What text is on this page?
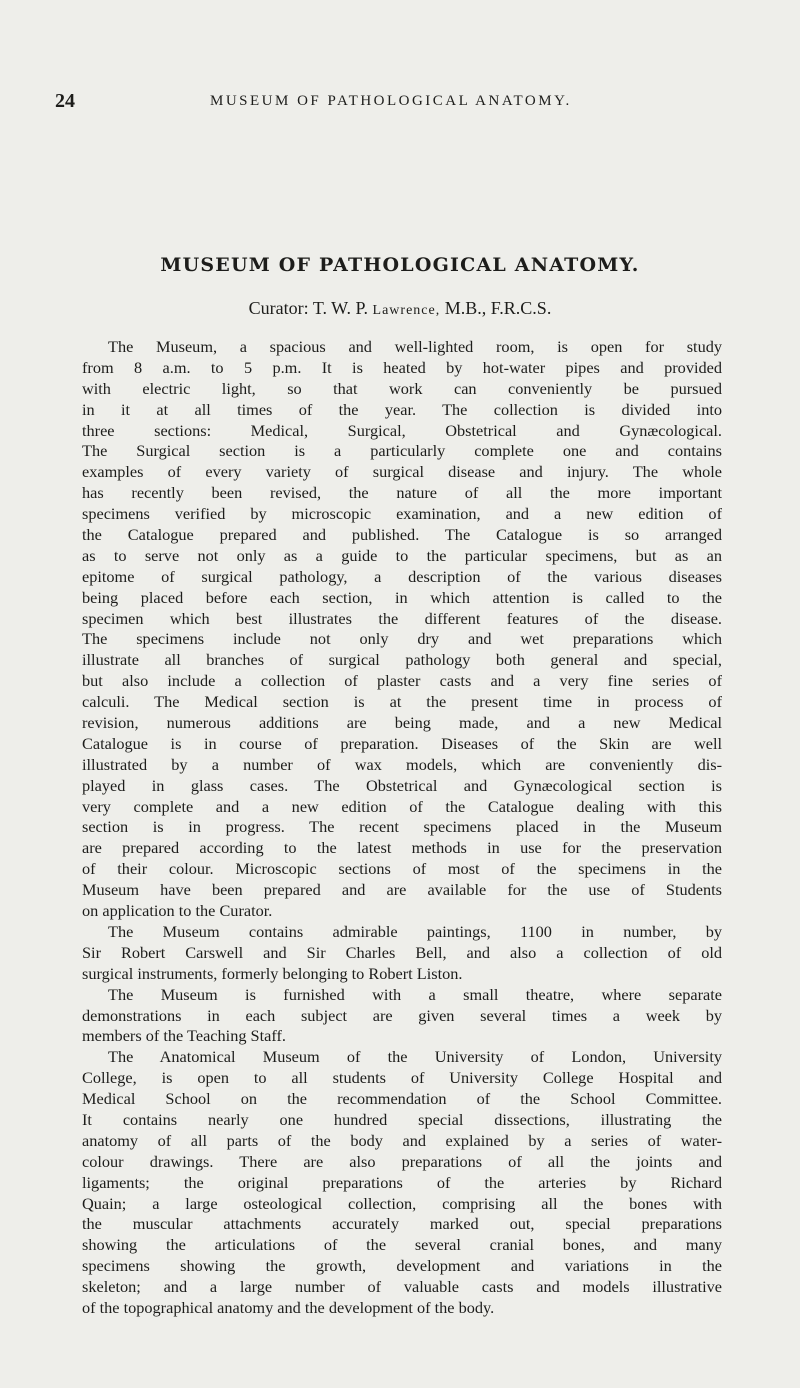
24	MUSEUM OF PATHOLOGICAL ANATOMY.
MUSEUM OF PATHOLOGICAL ANATOMY.
Curator: T. W. P. Lawrence, M.B., F.R.C.S.
The Museum, a spacious and well-lighted room, is open for study
from 8 a.m. to 5 p.m. It is heated by hot-water pipes and provided
with electric light, so that work can conveniently be pursued
in it at all times of the year. The collection is divided into
three sections: Medical, Surgical, Obstetrical and Gynæcological.
The Surgical section is a particularly complete one and contains
examples of every variety of surgical disease and injury. The whole
has recently been revised, the nature of all the more important
specimens verified by microscopic examination, and a new edition of
the Catalogue prepared and published. The Catalogue is so arranged
as to serve not only as a guide to the particular specimens, but as an
epitome of surgical pathology, a description of the various diseases
being placed before each section, in which attention is called to the
specimen which best illustrates the different features of the disease.
The specimens include not only dry and wet preparations which
illustrate all branches of surgical pathology both general and special,
but also include a collection of plaster casts and a very fine series of
calculi. The Medical section is at the present time in process of
revision, numerous additions are being made, and a new Medical
Catalogue is in course of preparation. Diseases of the Skin are well
illustrated by a number of wax models, which are conveniently dis-
played in glass cases. The Obstetrical and Gynæcological section is
very complete and a new edition of the Catalogue dealing with this
section is in progress. The recent specimens placed in the Museum
are prepared according to the latest methods in use for the preservation
of their colour. Microscopic sections of most of the specimens in the
Museum have been prepared and are available for the use of Students
on application to the Curator.
The Museum contains admirable paintings, 1100 in number, by
Sir Robert Carswell and Sir Charles Bell, and also a collection of old
surgical instruments, formerly belonging to Robert Liston.
The Museum is furnished with a small theatre, where separate
demonstrations in each subject are given several times a week by
members of the Teaching Staff.
The Anatomical Museum of the University of London, University
College, is open to all students of University College Hospital and
Medical School on the recommendation of the School Committee.
It contains nearly one hundred special dissections, illustrating the
anatomy of all parts of the body and explained by a series of water-
colour drawings. There are also preparations of all the joints and
ligaments; the original preparations of the arteries by Richard
Quain; a large osteological collection, comprising all the bones with
the muscular attachments accurately marked out, special preparations
showing the articulations of the several cranial bones, and many
specimens showing the growth, development and variations in the
skeleton; and a large number of valuable casts and models illustrative
of the topographical anatomy and the development of the body.
